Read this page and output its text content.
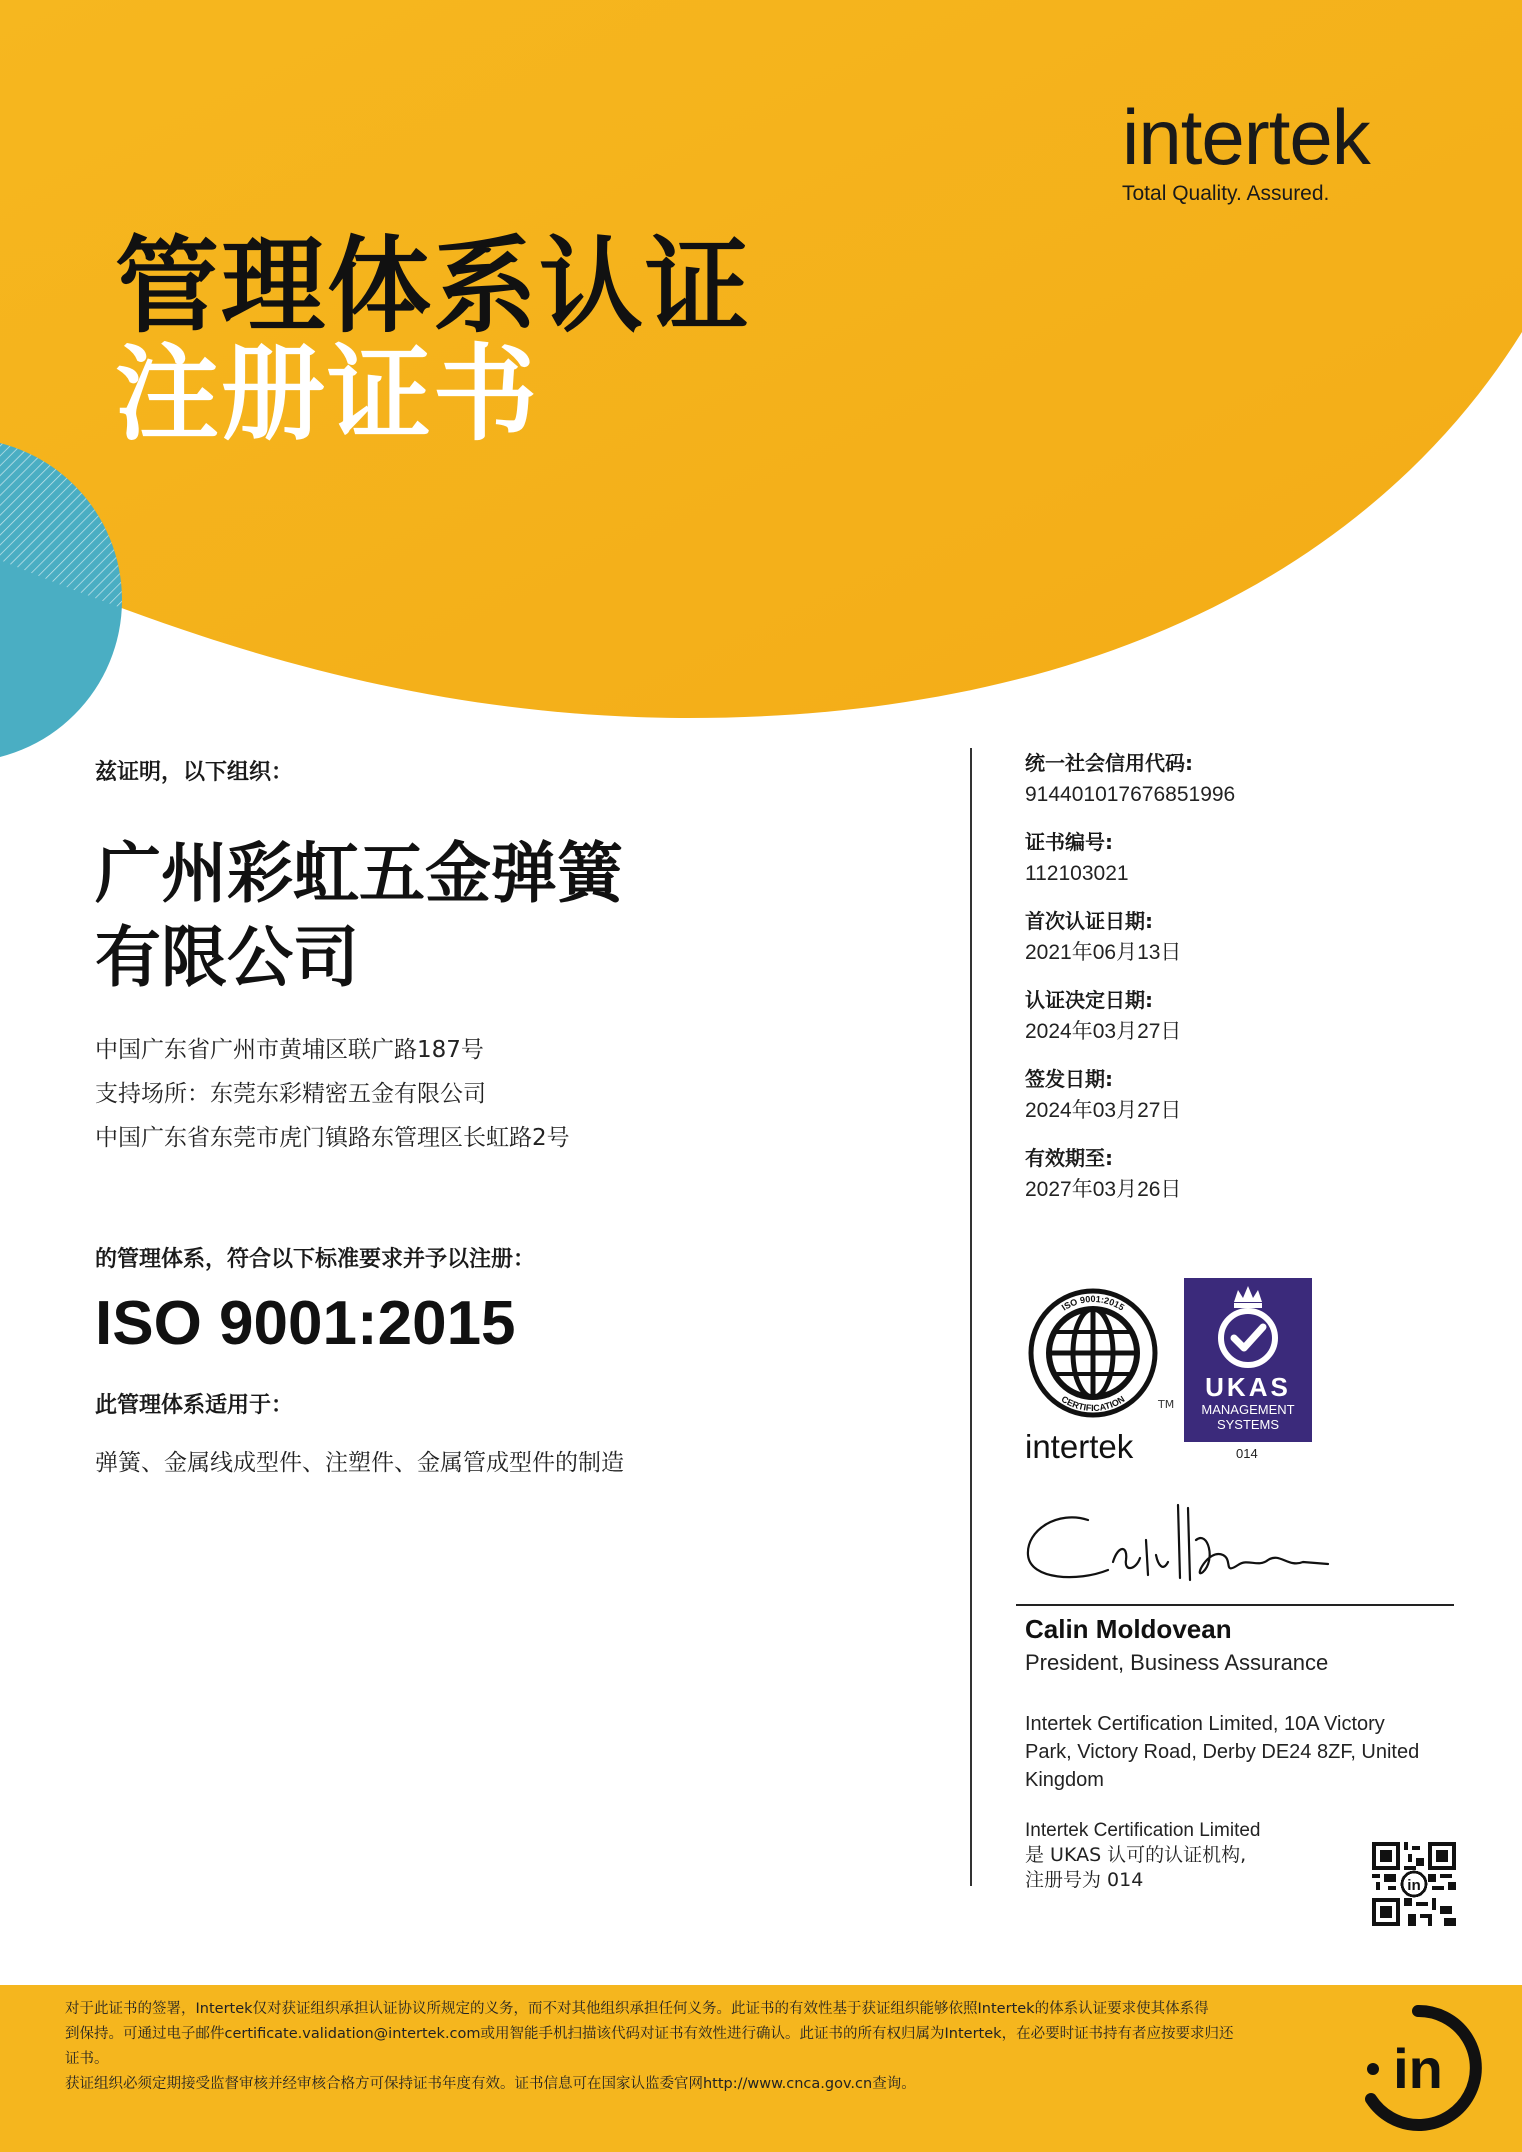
intertek
Total Quality. Assured.
管理体系认证
注册证书
兹证明，以下组织：
广州彩虹五金弹簧
有限公司
中国广东省广州市黄埔区联广路187号
支持场所：东莞东彩精密五金有限公司
中国广东省东莞市虎门镇路东管理区长虹路2号
的管理体系，符合以下标准要求并予以注册：
ISO 9001:2015
此管理体系适用于：
弹簧、金属线成型件、注塑件、金属管成型件的制造
统一社会信用代码:
914401017676851996
证书编号:
112103021
首次认证日期:
2021年06月13日
认证决定日期:
2024年03月27日
签发日期:
2024年03月27日
有效期至:
2027年03月26日
ISO 9001:2015
CERTIFICATION	TM
intertek
UKAS
MANAGEMENT
SYSTEMS
014
Calin Moldovean
President, Business Assurance
Intertek Certification Limited, 10A Victory Park, Victory Road, Derby DE24 8ZF, United Kingdom
Intertek Certification Limited
是 UKAS 认可的认证机构,
注册号为 014	in
对于此证书的签署，Intertek仅对获证组织承担认证协议所规定的义务，而不对其他组织承担任何义务。此证书的有效性基于获证组织能够依照Intertek的体系认证要求使其体系得
到保持。可通过电子邮件certificate.validation@intertek.com或用智能手机扫描该代码对证书有效性进行确认。此证书的所有权归属为Intertek，在必要时证书持有者应按要求归还
证书。
获证组织必须定期接受监督审核并经审核合格方可保持证书年度有效。证书信息可在国家认监委官网http://www.cnca.gov.cn查询。	in
